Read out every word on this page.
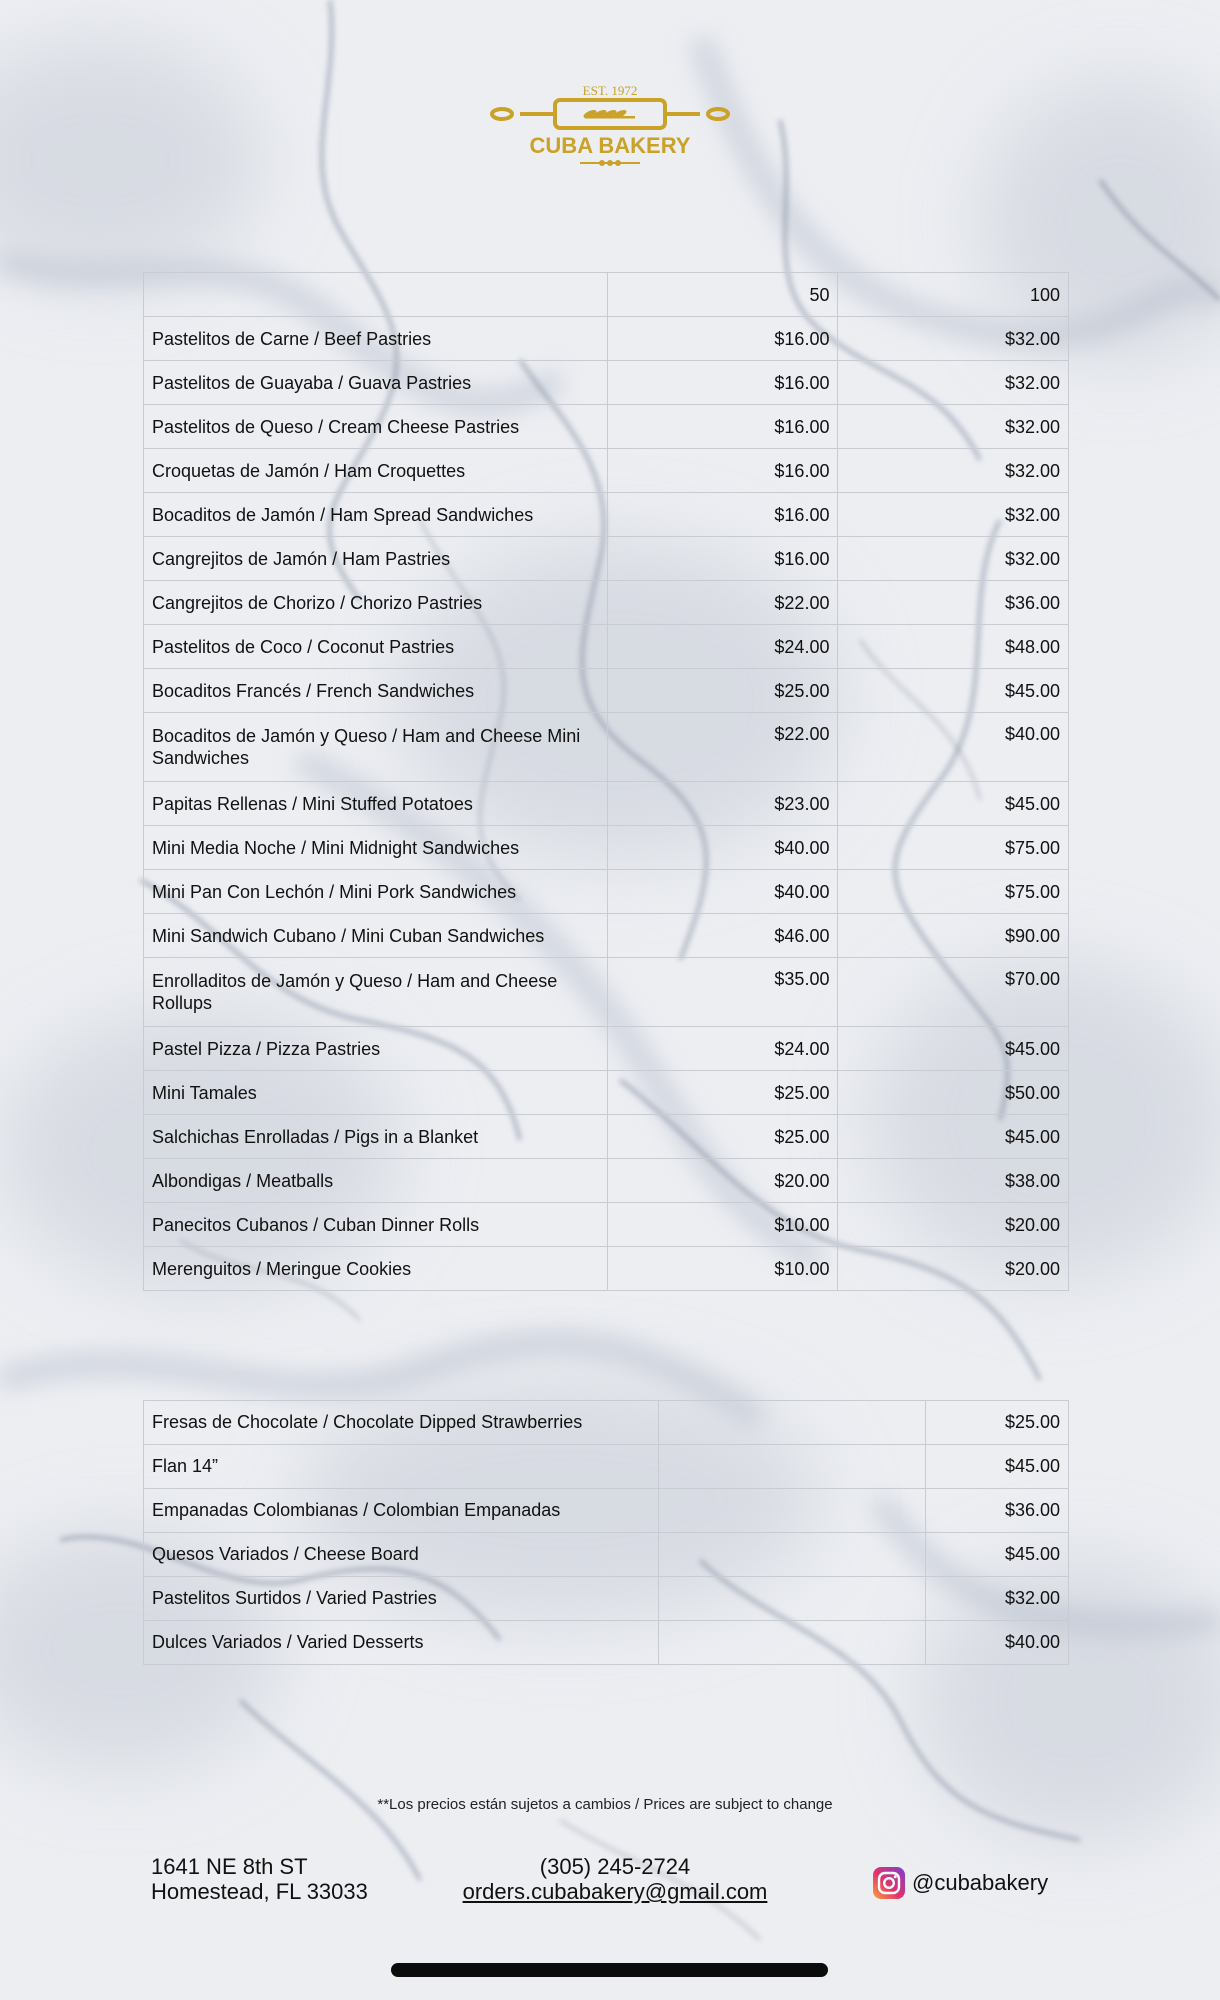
EST. 1972
CUBA BAKERY
	50	100
Pastelitos de Carne / Beef Pastries	$16.00	$32.00
Pastelitos de Guayaba / Guava Pastries	$16.00	$32.00
Pastelitos de Queso / Cream Cheese Pastries	$16.00	$32.00
Croquetas de Jamón / Ham Croquettes	$16.00	$32.00
Bocaditos de Jamón / Ham Spread Sandwiches	$16.00	$32.00
Cangrejitos de Jamón / Ham Pastries	$16.00	$32.00
Cangrejitos de Chorizo / Chorizo Pastries	$22.00	$36.00
Pastelitos de Coco / Coconut Pastries	$24.00	$48.00
Bocaditos Francés / French Sandwiches	$25.00	$45.00
Bocaditos de Jamón y Queso / Ham and Cheese Mini Sandwiches	$22.00	$40.00
Papitas Rellenas / Mini Stuffed Potatoes	$23.00	$45.00
Mini Media Noche / Mini Midnight Sandwiches	$40.00	$75.00
Mini Pan Con Lechón / Mini Pork Sandwiches	$40.00	$75.00
Mini Sandwich Cubano / Mini Cuban Sandwiches	$46.00	$90.00
Enrolladitos de Jamón y Queso / Ham and Cheese Rollups	$35.00	$70.00
Pastel Pizza / Pizza Pastries	$24.00	$45.00
Mini Tamales	$25.00	$50.00
Salchichas Enrolladas / Pigs in a Blanket	$25.00	$45.00
Albondigas / Meatballs	$20.00	$38.00
Panecitos Cubanos / Cuban Dinner Rolls	$10.00	$20.00
Merenguitos / Meringue Cookies	$10.00	$20.00
Fresas de Chocolate / Chocolate Dipped Strawberries		$25.00
Flan 14”		$45.00
Empanadas Colombianas / Colombian Empanadas		$36.00
Quesos Variados / Cheese Board		$45.00
Pastelitos Surtidos / Varied Pastries		$32.00
Dulces Variados / Varied Desserts		$40.00
**Los precios están sujetos a cambios / Prices are subject to change
1641 NE 8th ST
Homestead, FL 33033
(305) 245-2724
orders.cubabakery@gmail.com	@cubabakery
